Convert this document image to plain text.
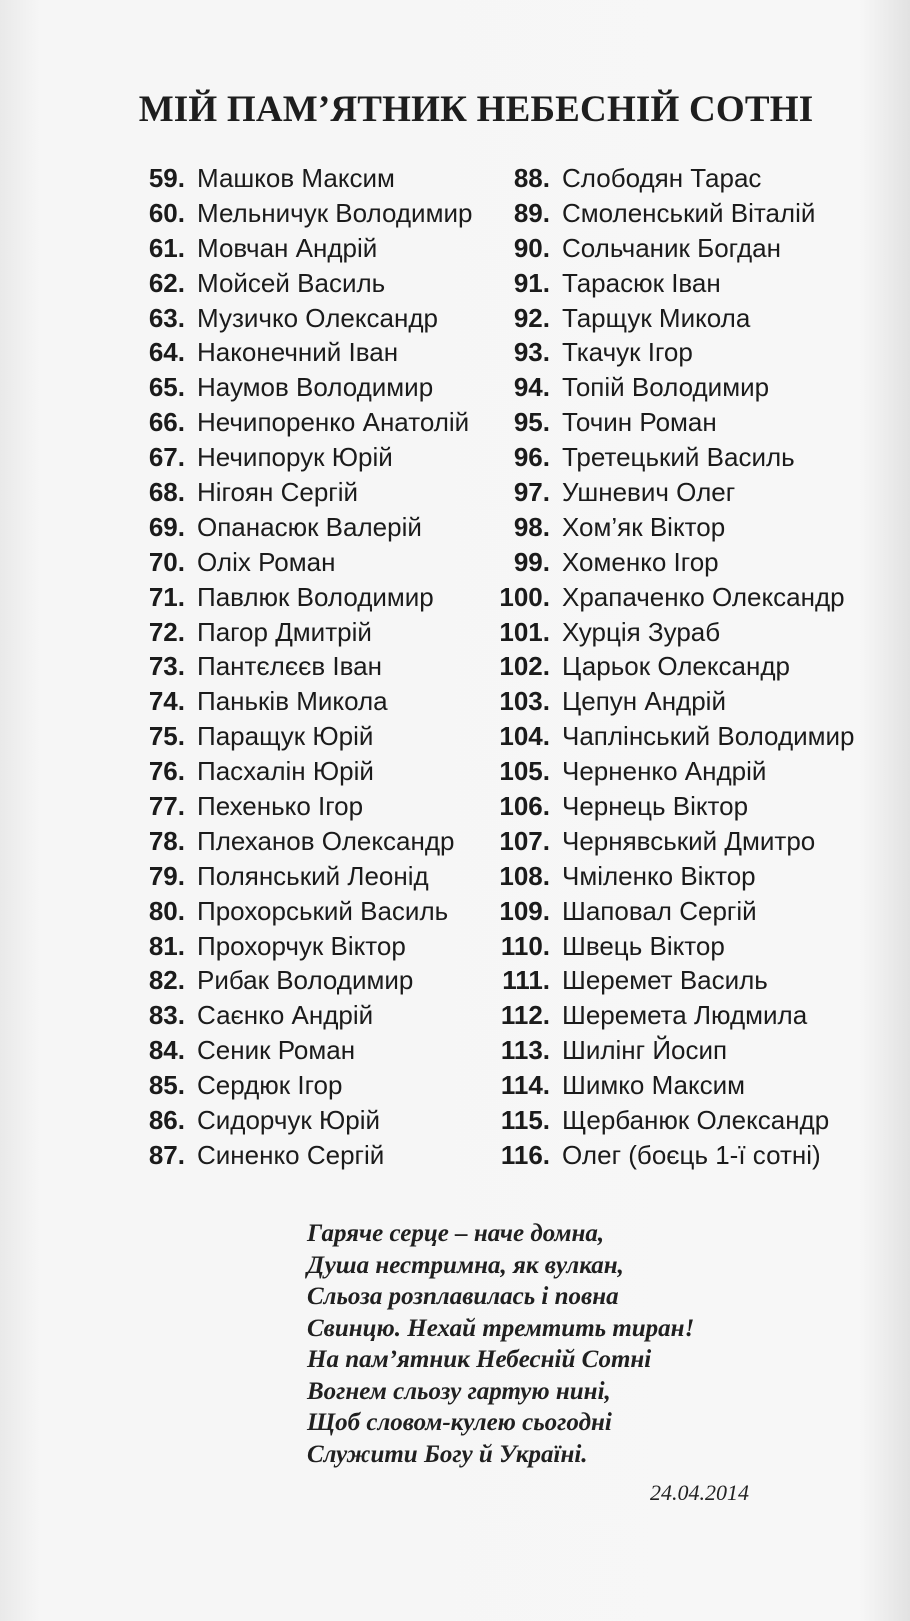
МІЙ ПАМ’ЯТНИК НЕБЕСНІЙ СОТНІ
59. Машков Максим
60. Мельничук Володимир
61. Мовчан Андрій
62. Мойсей Василь
63. Музичко Олександр
64. Наконечний Іван
65. Наумов Володимир
66. Нечипоренко Анатолій
67. Нечипорук Юрій
68. Нігоян Сергій
69. Опанасюк Валерій
70. Оліх Роман
71. Павлюк Володимир
72. Пагор Дмитрій
73. Пантєлєєв Іван
74. Паньків Микола
75. Паращук Юрій
76. Пасхалін Юрій
77. Пехенько Ігор
78. Плеханов Олександр
79. Полянський Леонід
80. Прохорський Василь
81. Прохорчук Віктор
82. Рибак Володимир
83. Саєнко Андрій
84. Сеник Роман
85. Сердюк Ігор
86. Сидорчук Юрій
87. Синенко Сергій
88. Слободян Тарас
89. Смоленський Віталій
90. Сольчаник Богдан
91. Тарасюк Іван
92. Тарщук Микола
93. Ткачук Ігор
94. Топій Володимир
95. Точин Роман
96. Третецький Василь
97. Ушневич Олег
98. Хом’як Віктор
99. Хоменко Ігор
100. Храпаченко Олександр
101. Хурція Зураб
102. Царьок Олександр
103. Цепун Андрій
104. Чаплінський Володимир
105. Черненко Андрій
106. Чернець Віктор
107. Чернявський Дмитро
108. Чміленко Віктор
109. Шаповал Сергій
110. Швець Віктор
111. Шеремет Василь
112. Шеремета Людмила
113. Шилінг Йосип
114. Шимко Максим
115. Щербанюк Олександр
116. Олег (боєць 1-ї сотні)
Гаряче серце – наче домна,
Душа нестримна, як вулкан,
Сльоза розплавилась і повна
Свинцю. Нехай тремтить тиран!
На пам’ятник Небесній Сотні
Вогнем сльозу гартую нині,
Щоб словом-кулею сьогодні
Служити Богу й Україні.
24.04.2014
